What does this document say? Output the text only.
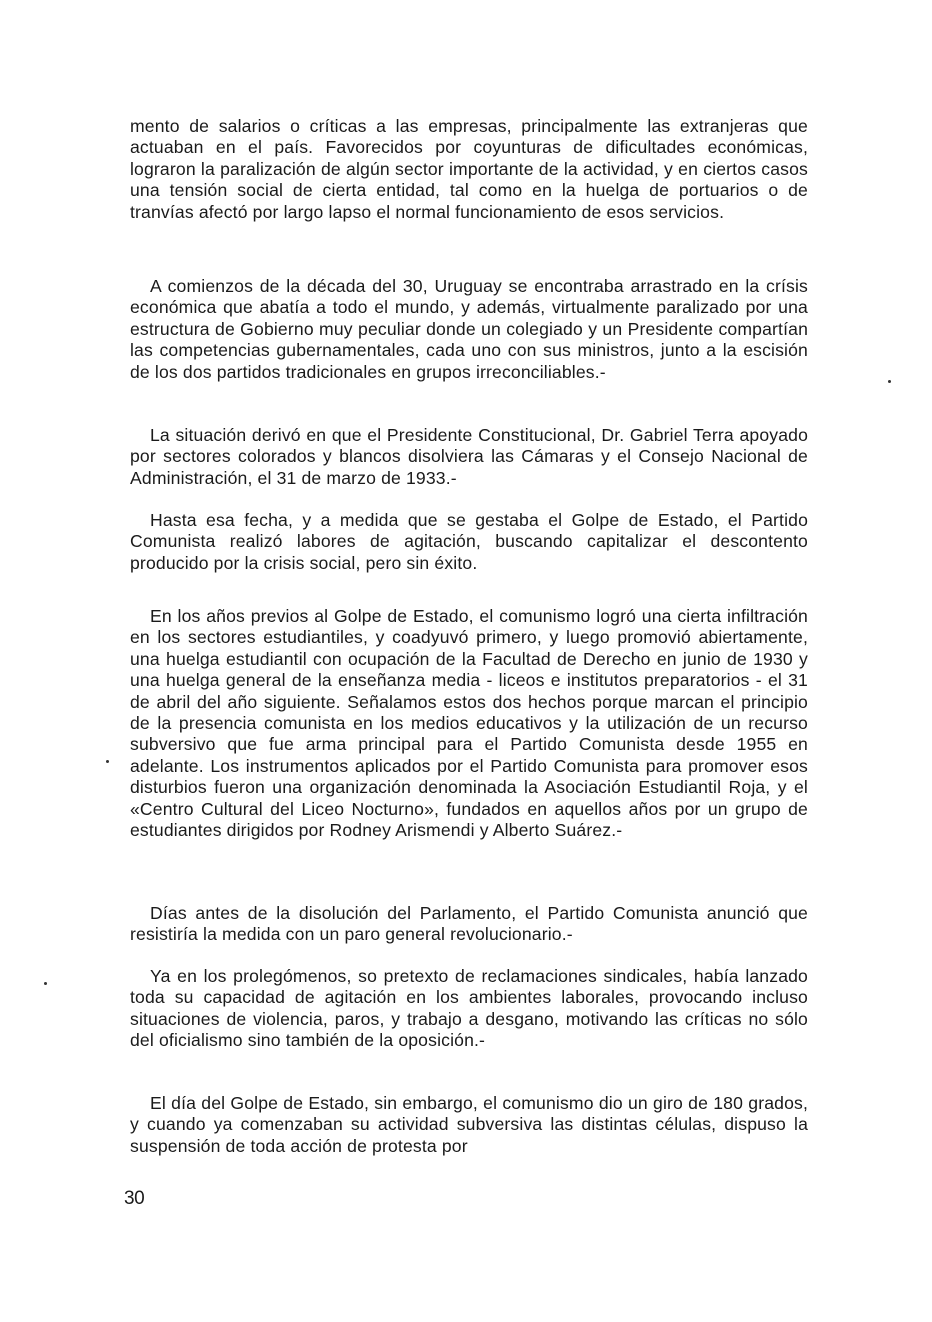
mento de salarios o críticas a las empresas, principalmente las extranjeras que actuaban en el país. Favorecidos por coyunturas de dificultades económicas, lograron la paralización de algún sector importante de la actividad, y en ciertos casos una tensión social de cierta entidad, tal como en la huelga de portuarios o de tranvías afectó por largo lapso el normal funcionamiento de esos servicios.

A comienzos de la década del 30, Uruguay se encontraba arrastrado en la crísis económica que abatía a todo el mundo, y además, virtualmente paralizado por una estructura de Gobierno muy peculiar donde un colegiado y un Presidente compartían las competencias gubernamentales, cada uno con sus ministros, junto a la escisión de los dos partidos tradicionales en grupos irreconciliables.-

La situación derivó en que el Presidente Constitucional, Dr. Gabriel Terra apoyado por sectores colorados y blancos disolviera las Cámaras y el Consejo Nacional de Administración, el 31 de marzo de 1933.-

Hasta esa fecha, y a medida que se gestaba el Golpe de Estado, el Partido Comunista realizó labores de agitación, buscando capitalizar el descontento producido por la crisis social, pero sin éxito.

En los años previos al Golpe de Estado, el comunismo logró una cierta infiltración en los sectores estudiantiles, y coadyuvó primero, y luego promovió abiertamente, una huelga estudiantil con ocupación de la Facultad de Derecho en junio de 1930 y una huelga general de la enseñanza media - liceos e institutos preparatorios - el 31 de abril del año siguiente. Señalamos estos dos hechos porque marcan el principio de la presencia comunista en los medios educativos y la utilización de un recurso subversivo que fue arma principal para el Partido Comunista desde 1955 en adelante. Los instrumentos aplicados por el Partido Comunista para promover esos disturbios fueron una organización denominada la Asociación Estudiantil Roja, y el «Centro Cultural del Liceo Nocturno», fundados en aquellos años por un grupo de estudiantes dirigidos por Rodney Arismendi y Alberto Suárez.-

Días antes de la disolución del Parlamento, el Partido Comunista anunció que resistiría la medida con un paro general revolucionario.-

Ya en los prolegómenos, so pretexto de reclamaciones sindicales, había lanzado toda su capacidad de agitación en los ambientes laborales, provocando incluso situaciones de violencia, paros, y trabajo a desgano, motivando las críticas no sólo del oficialismo sino también de la oposición.-

El día del Golpe de Estado, sin embargo, el comunismo dio un giro de 180 grados, y cuando ya comenzaban su actividad subversiva las distintas células, dispuso la suspensión de toda acción de protesta por

30
